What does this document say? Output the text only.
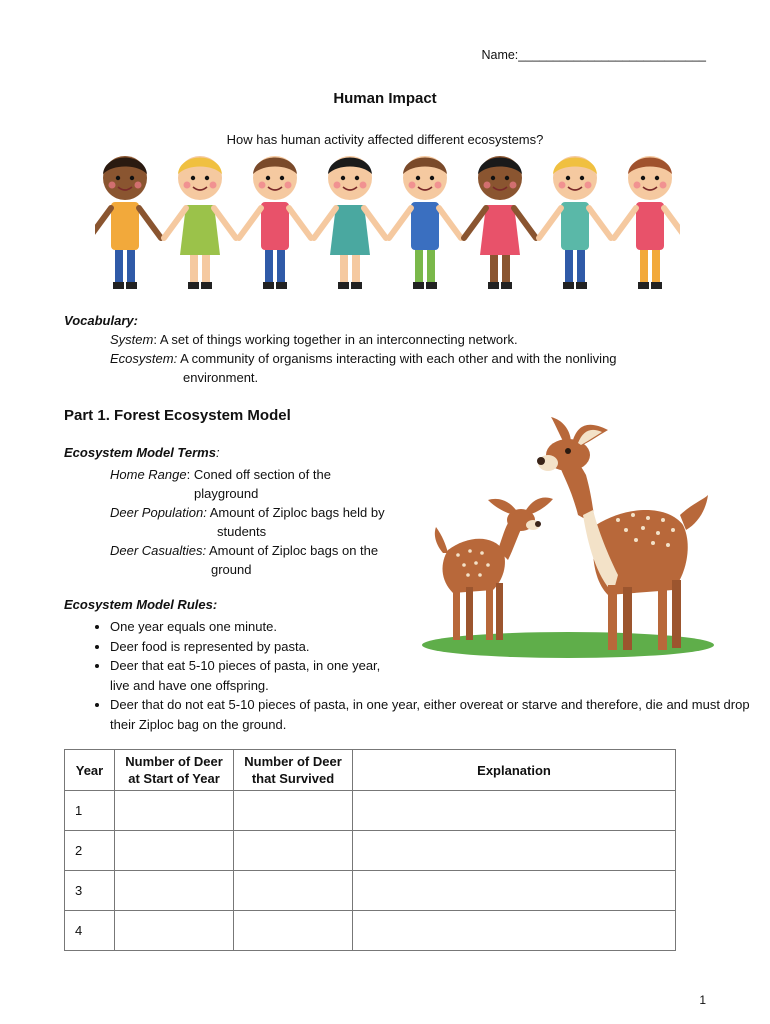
Name:___________________________
Human Impact
How has human activity affected different ecosystems?
Vocabulary:
System: A set of things working together in an interconnecting network.
Ecosystem: A community of organisms interacting with each other and with the nonliving
environment.
Part 1. Forest Ecosystem Model
Ecosystem Model Terms:
Home Range: Coned off section of the
playground
Deer Population: Amount of Ziploc bags held by
students
Deer Casualties: Amount of Ziploc bags on the
ground
Ecosystem Model Rules:
• One year equals one minute.
• Deer food is represented by pasta.
• Deer that eat 5-10 pieces of pasta, in one year, live and have one offspring.
• Deer that do not eat 5-10 pieces of pasta, in one year, either overeat or starve and therefore, die and must drop their Ziploc bag on the ground.
Year	Number of Deer at Start of Year	Number of Deer that Survived	Explanation
1			
2			
3			
4			
1
